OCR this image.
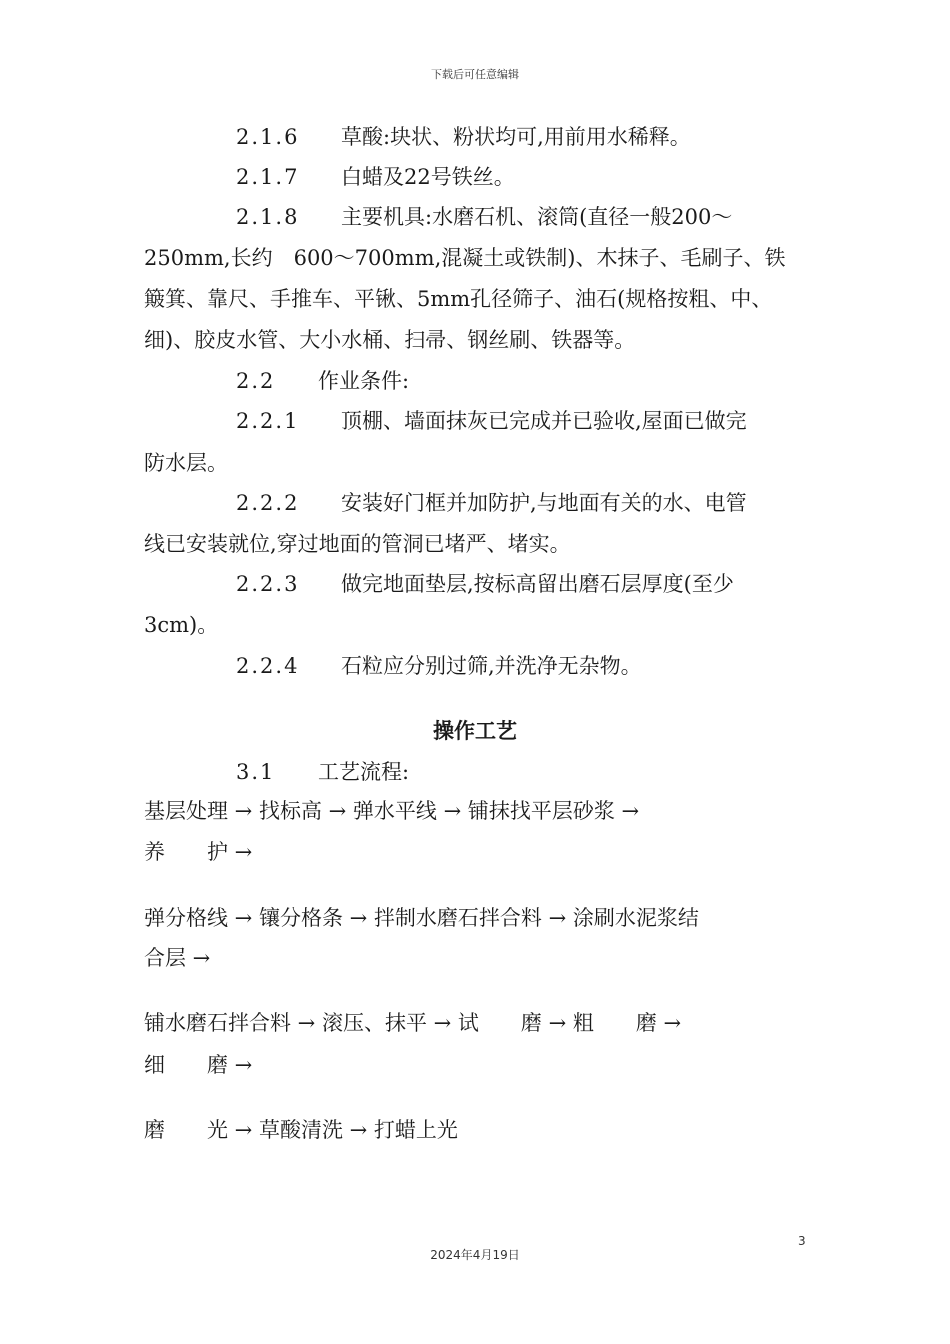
下载后可任意编辑
2.1.6 草酸:块状、粉状均可,用前用水稀释。
2.1.7 白蜡及22号铁丝。
2.1.8 主要机具:水磨石机、滚筒(直径一般200～
250mm,长约　600～700mm,混凝土或铁制)、木抹子、毛刷子、铁
簸箕、靠尺、手推车、平锹、5mm孔径筛子、油石(规格按粗、中、
细)、胶皮水管、大小水桶、扫帚、钢丝刷、铁器等。
2.2 作业条件:
2.2.1 顶棚、墙面抹灰已完成并已验收,屋面已做完
防水层。
2.2.2 安装好门框并加防护,与地面有关的水、电管
线已安装就位,穿过地面的管洞已堵严、堵实。
2.2.3 做完地面垫层,按标高留出磨石层厚度(至少
3cm)。
2.2.4 石粒应分别过筛,并洗净无杂物。
操作工艺
3.1 工艺流程:
基层处理 → 找标高 → 弹水平线 → 铺抹找平层砂浆 →
养　　护 →
弹分格线 → 镶分格条 → 拌制水磨石拌合料 → 涂刷水泥浆结
合层 →
铺水磨石拌合料 → 滚压、抹平 → 试　　磨 → 粗　　磨 →
细　　磨 →
磨　　光 → 草酸清洗 → 打蜡上光
3
2024年4月19日
